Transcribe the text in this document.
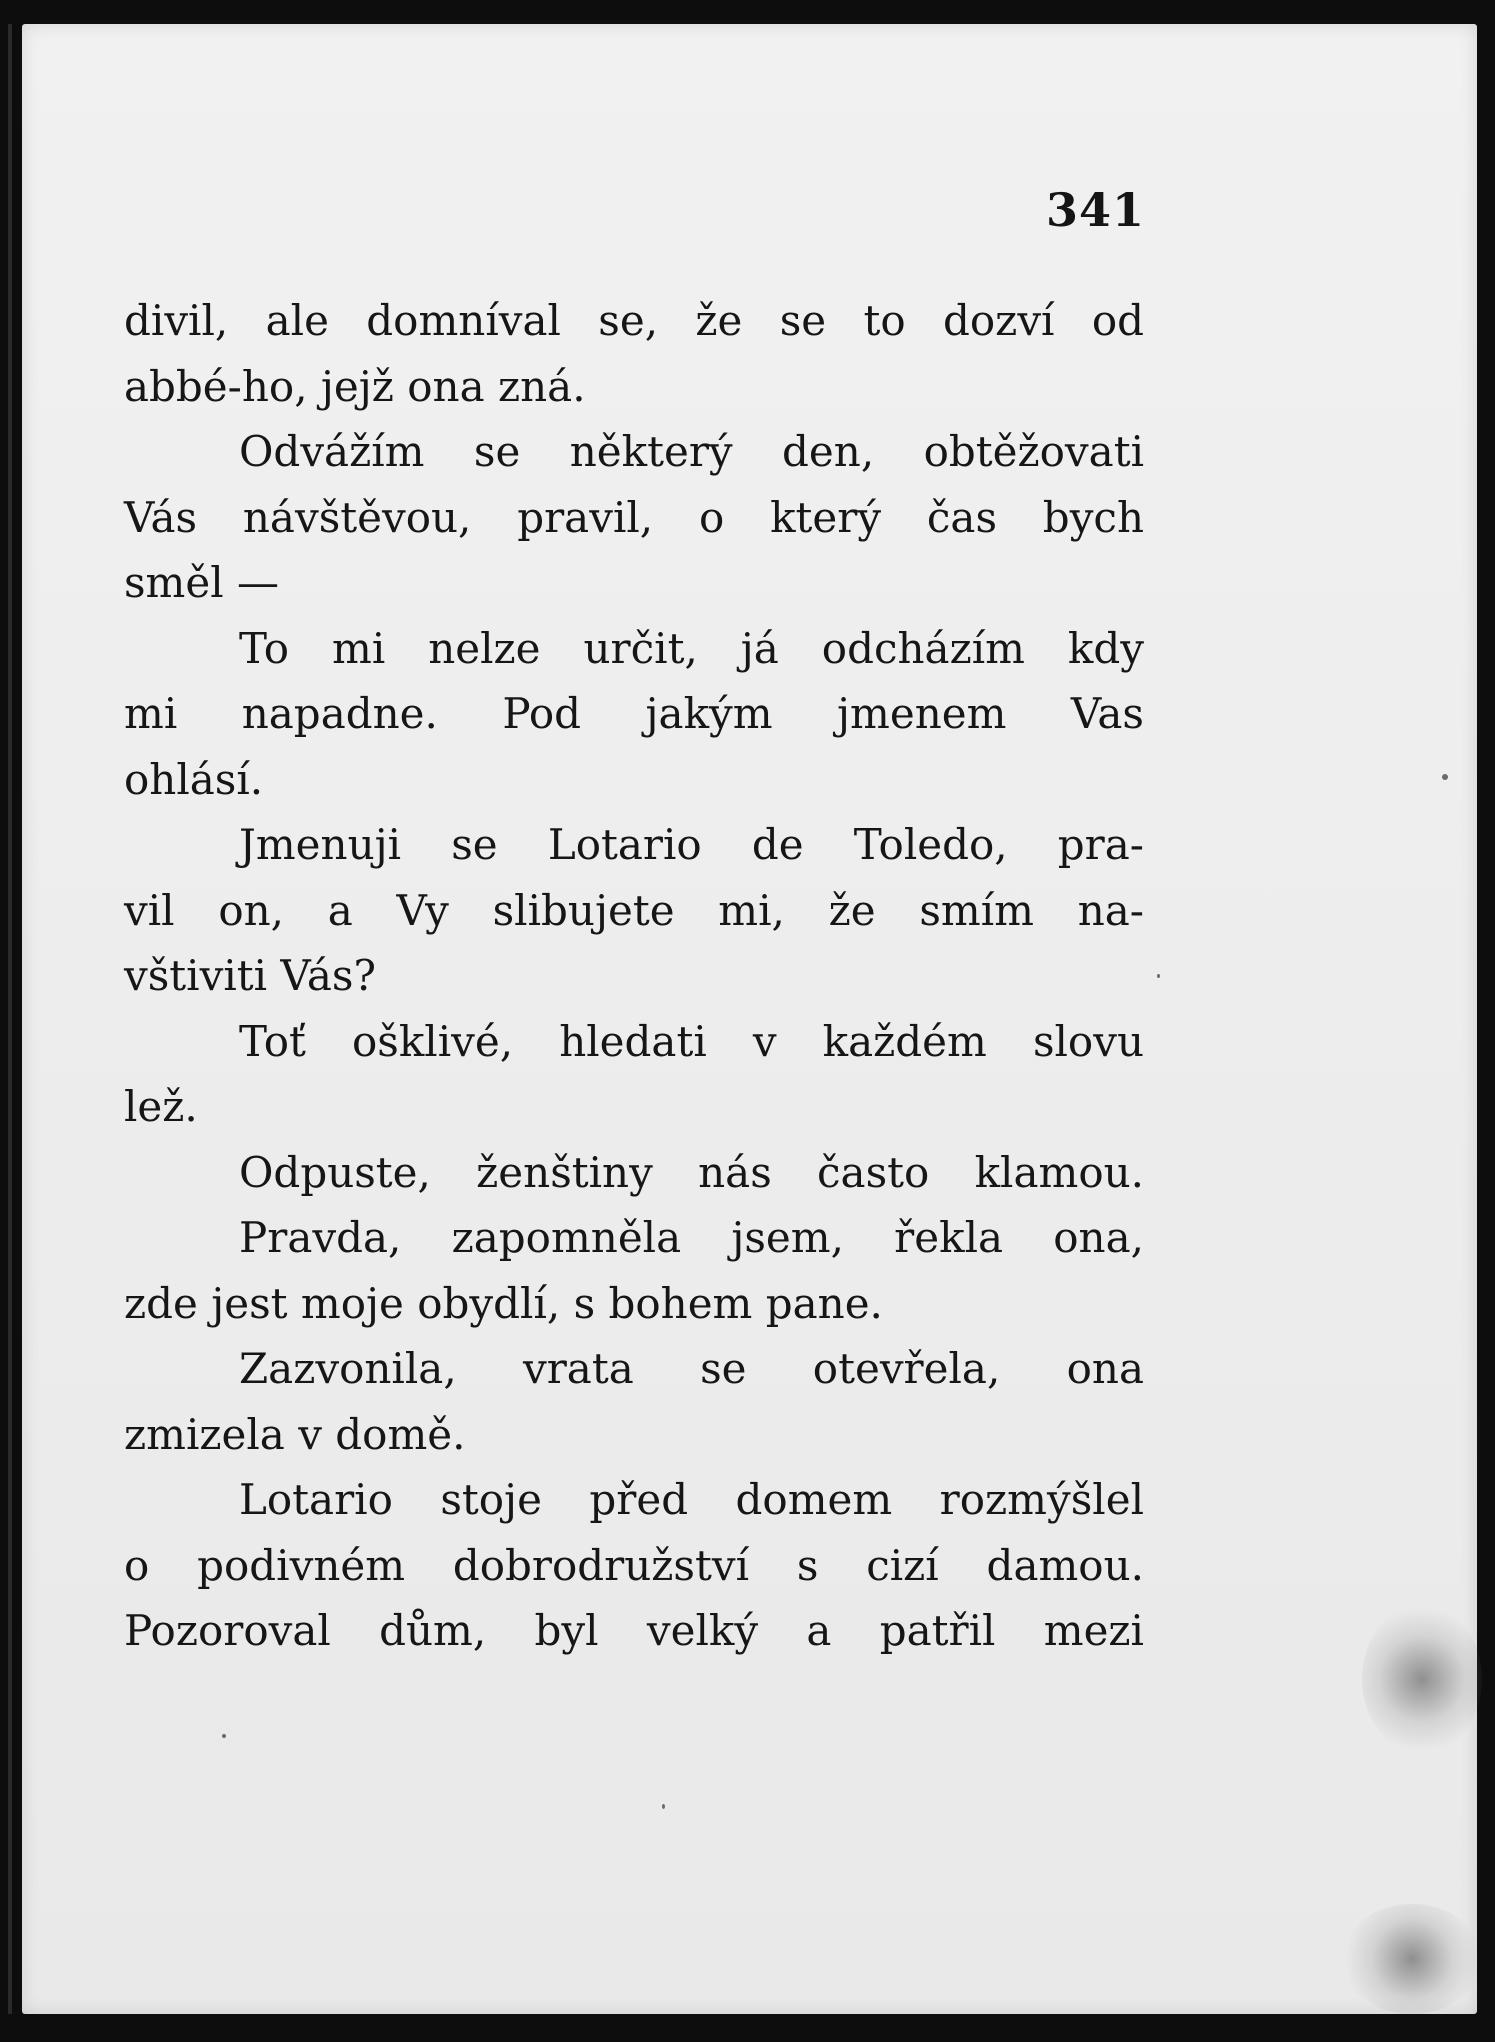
341
divil, ale domníval se, že se to dozví od
abbé-ho, jejž ona zná.
Odvážím se některý den, obtěžovati
Vás návštěvou, pravil, o který čas bych
směl —
To mi nelze určit, já odcházím kdy
mi napadne. Pod jakým jmenem Vas
ohlásí.
Jmenuji se Lotario de Toledo, pra-
vil on, a Vy slibujete mi, že smím na-
vštiviti Vás?
Toť ošklivé, hledati v každém slovu
lež.
Odpuste, ženštiny nás často klamou.
Pravda, zapomněla jsem, řekla ona,
zde jest moje obydlí, s bohem pane.
Zazvonila, vrata se otevřela, ona
zmizela v domě.
Lotario stoje před domem rozmýšlel
o podivném dobrodružství s cizí damou.
Pozoroval dům, byl velký a patřil mezi
